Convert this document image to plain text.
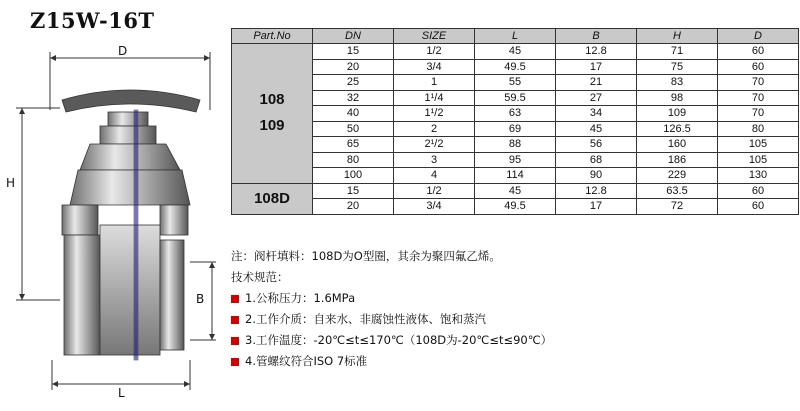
Z15W-16T
D
H
B
L
Part.No	DN	SIZE	L	B	H	D

108
109	15	1/2	45	12.8	71	60
	20	3/4	49.5	17	75	60
	25	1	55	21	83	70
	32	1¹/4	59.5	27	98	70
	40	1¹/2	63	34	109	70
	50	2	69	45	126.5	80
	65	2¹/2	88	56	160	105
	80	3	95	68	186	105
	100	4	114	90	229	130
108D	15	1/2	45	12.8	63.5	60
	20	3/4	49.5	17	72	60
注：阀杆填料：108D为O型圈，其余为聚四氟乙烯。
技术规范：
1.公称压力：1.6MPa
2.工作介质：自来水、非腐蚀性液体、饱和蒸汽
3.工作温度：-20℃≤t≤170℃（108D为-20℃≤t≤90℃）
4.管螺纹符合ISO 7标准
